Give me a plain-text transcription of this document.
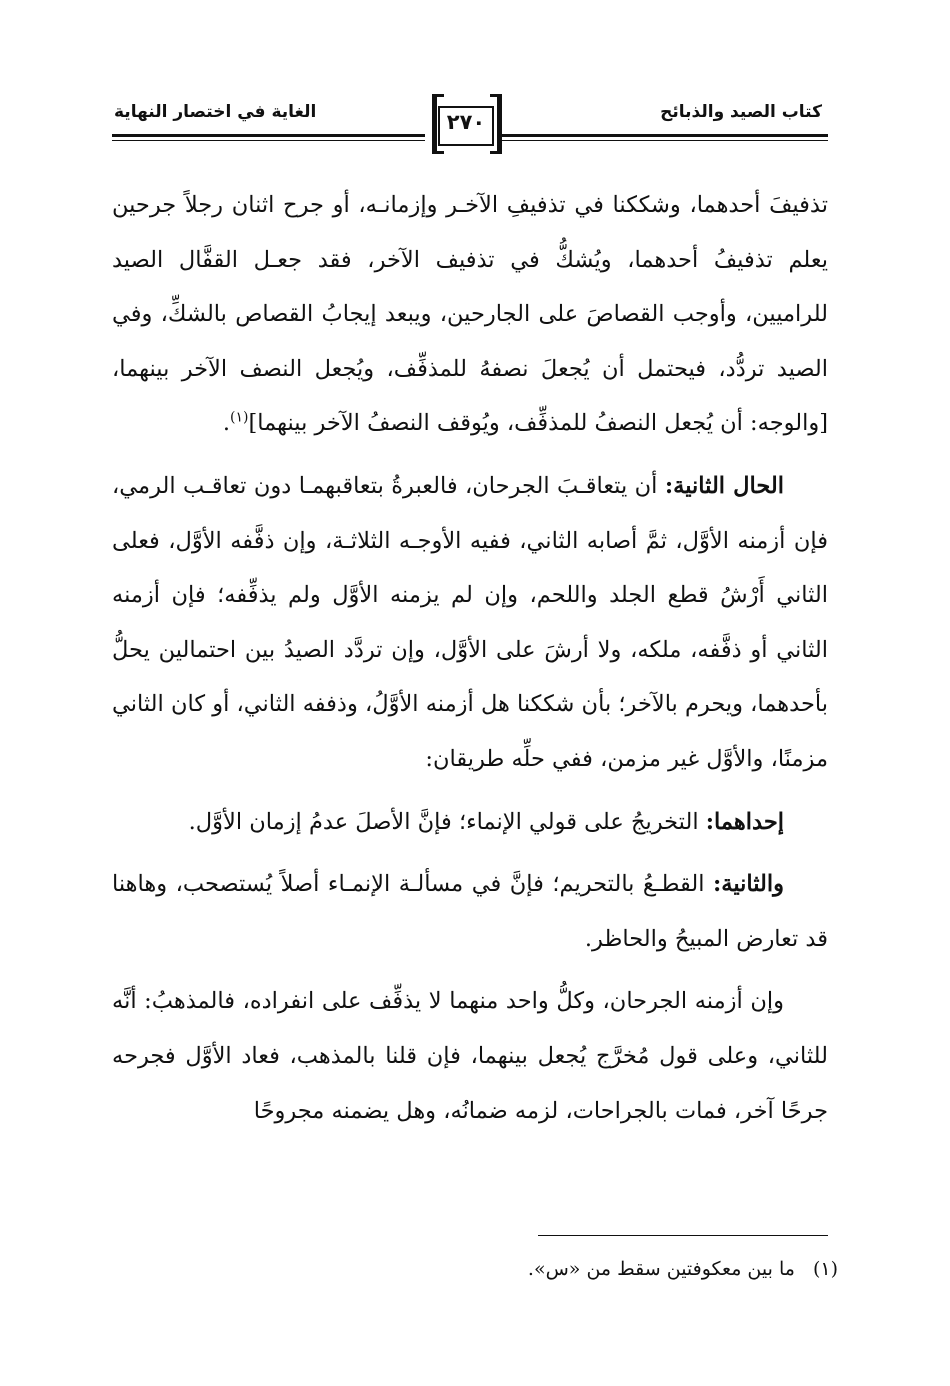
كتاب الصيد والذبائح
الغاية في اختصار النهاية	٢٧٠

تذفيفَ أحدهما، وشككنا في تذفيفِ الآخـر وإزمانـه، أو جرح اثنان رجلاً جرحين يعلم تذفيفُ أحدهما، ويُشكُّ في تذفيف الآخر، فقد جعـل القفَّال الصيد للراميين، وأوجب القصاصَ على الجارحين، ويبعد إيجابُ القصاص بالشكِّ، وفي الصيد تردُّد، فيحتمل أن يُجعلَ نصفهُ للمذفِّف، ويُجعل النصف الآخر بينهما، [والوجه: أن يُجعل النصفُ للمذفِّف، ويُوقف النصفُ الآخر بينهما]$^{(١)}$.

الحال الثانية: أن يتعاقـبَ الجرحان، فالعبرةُ بتعاقبهمـا دون تعاقـب الرمي، فإن أزمنه الأوَّل، ثمَّ أصابه الثاني، ففيه الأوجـه الثلاثـة، وإن ذفَّفه الأوَّل، فعلى الثاني أَرْشُ قطع الجلد واللحم، وإن لم يزمنه الأوَّل ولم يذفِّفه؛ فإن أزمنه الثاني أو ذفَّفه، ملكه، ولا أرشَ على الأوَّل، وإن تردَّد الصيدُ بين احتمالين يحلُّ بأحدهما، ويحرم بالآخر؛ بأن شككنا هل أزمنه الأوَّلُ، وذففه الثاني، أو كان الثاني مزمنًا، والأوَّل غير مزمن، ففي حلِّه طريقان:

إحداهما: التخريجُ على قولي الإنماء؛ فإنَّ الأصلَ عدمُ إزمان الأوَّل.

والثانية: القطـعُ بالتحريم؛ فإنَّ في مسألـة الإنمـاء أصلاً يُستصحب، وهاهنا قد تعارض المبيحُ والحاظر.

وإن أزمنه الجرحان، وكلُّ واحد منهما لا يذفِّف على انفراده، فالمذهبُ: أنَّه للثاني، وعلى قول مُخرَّج يُجعل بينهما، فإن قلنا بالمذهب، فعاد الأوَّل فجرحه جرحًا آخر، فمات بالجراحات، لزمه ضمانُه، وهل يضمنه مجروحًا

(١)ما بين معكوفتين سقط من «س».
